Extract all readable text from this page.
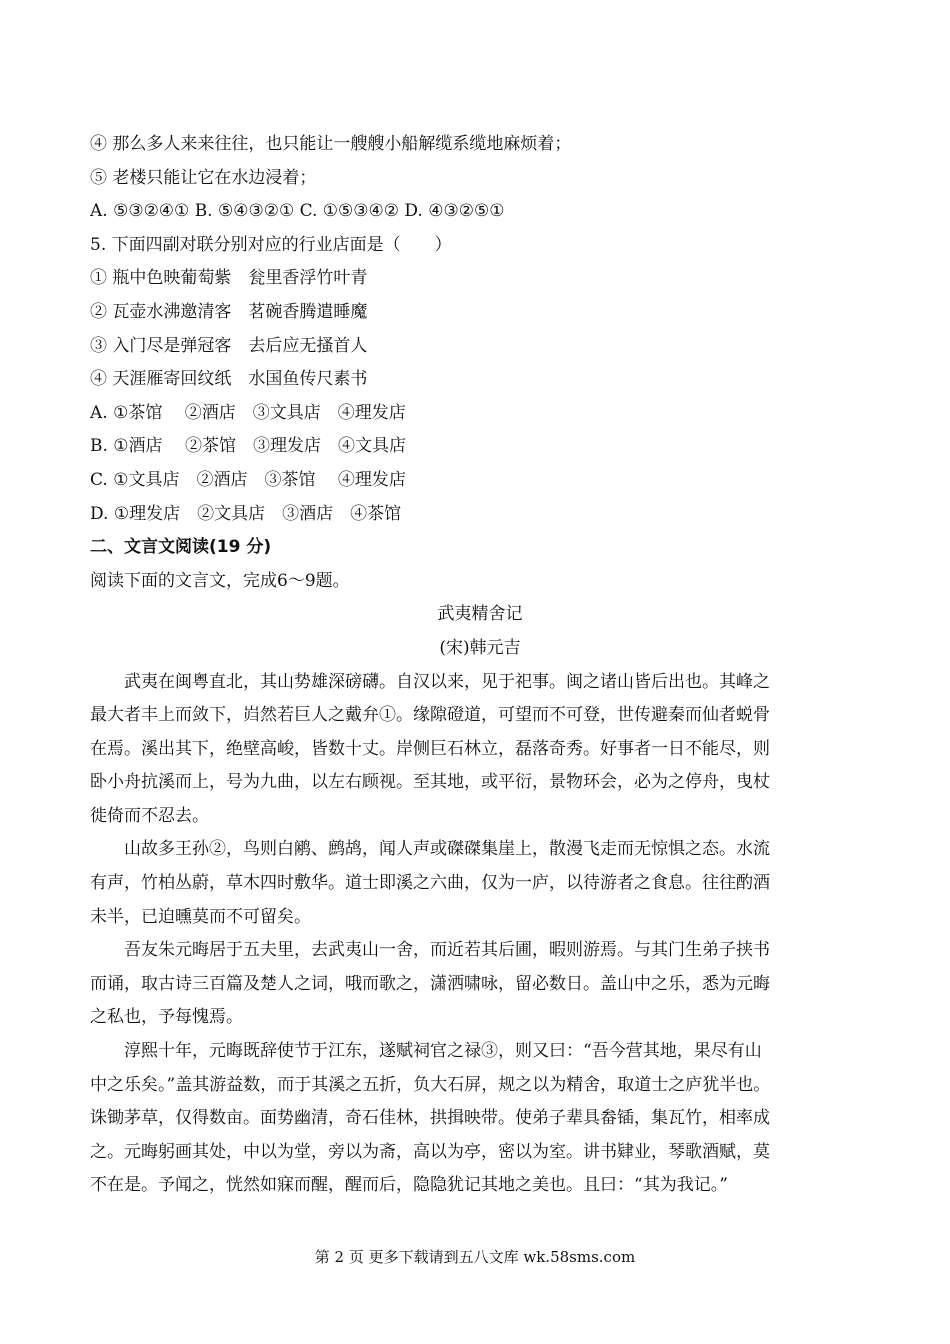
④ 那么多人来来往往，也只能让一艘艘小船解缆系缆地麻烦着；
⑤ 老楼只能让它在水边浸着；
A. ⑤③②④① B. ⑤④③②① C. ①⑤③④② D. ④③②⑤①
5. 下面四副对联分别对应的行业店面是（　　）
① 瓶中色映葡萄紫　瓮里香浮竹叶青
② 瓦壶水沸邀清客　茗碗香腾遣睡魔
③ 入门尽是弹冠客　去后应无搔首人
④ 天涯雁寄回纹纸　水国鱼传尺素书
A. ①茶馆　 ②酒店　③文具店　④理发店
B. ①酒店　 ②茶馆　③理发店　④文具店
C. ①文具店　②酒店　③茶馆　 ④理发店
D. ①理发店　②文具店　③酒店　④茶馆
二、文言文阅读(19 分)
阅读下面的文言文，完成6～9题。
武夷精舍记
(宋)韩元吉
武夷在闽粤直北，其山势雄深磅礴。自汉以来，见于祀事。闽之诸山皆后出也。其峰之
最大者丰上而敛下，岿然若巨人之戴弁①。缘隙磴道，可望而不可登，世传避秦而仙者蜕骨
在焉。溪出其下，绝壁高峻，皆数十丈。岸侧巨石林立，磊落奇秀。好事者一日不能尽，则
卧小舟抗溪而上，号为九曲，以左右顾视。至其地，或平衍，景物环会，必为之停舟，曳杖
徙倚而不忍去。
山故多王孙②，鸟则白鹇、鹧鸪，闻人声或磔磔集崖上，散漫飞走而无惊惧之态。水流
有声，竹柏丛蔚，草木四时敷华。道士即溪之六曲，仅为一庐，以待游者之食息。往往酌酒
未半，已迫曛莫而不可留矣。
吾友朱元晦居于五夫里，去武夷山一舍，而近若其后圃，暇则游焉。与其门生弟子挟书
而诵，取古诗三百篇及楚人之词，哦而歌之，潇洒啸咏，留必数日。盖山中之乐，悉为元晦
之私也，予每愧焉。
淳熙十年，元晦既辞使节于江东，遂赋祠官之禄③，则又曰：“吾今营其地，果尽有山
中之乐矣。”盖其游益数，而于其溪之五折，负大石屏，规之以为精舍，取道士之庐犹半也。
诛锄茅草，仅得数亩。面势幽清，奇石佳林，拱揖映带。使弟子辈具畚锸，集瓦竹，相率成
之。元晦躬画其处，中以为堂，旁以为斋，高以为亭，密以为室。讲书肄业，琴歌酒赋，莫
不在是。予闻之，恍然如寐而醒，醒而后，隐隐犹记其地之美也。且曰：“其为我记。”
第 2 页 更多下载请到五八文库 wk.58sms.com
